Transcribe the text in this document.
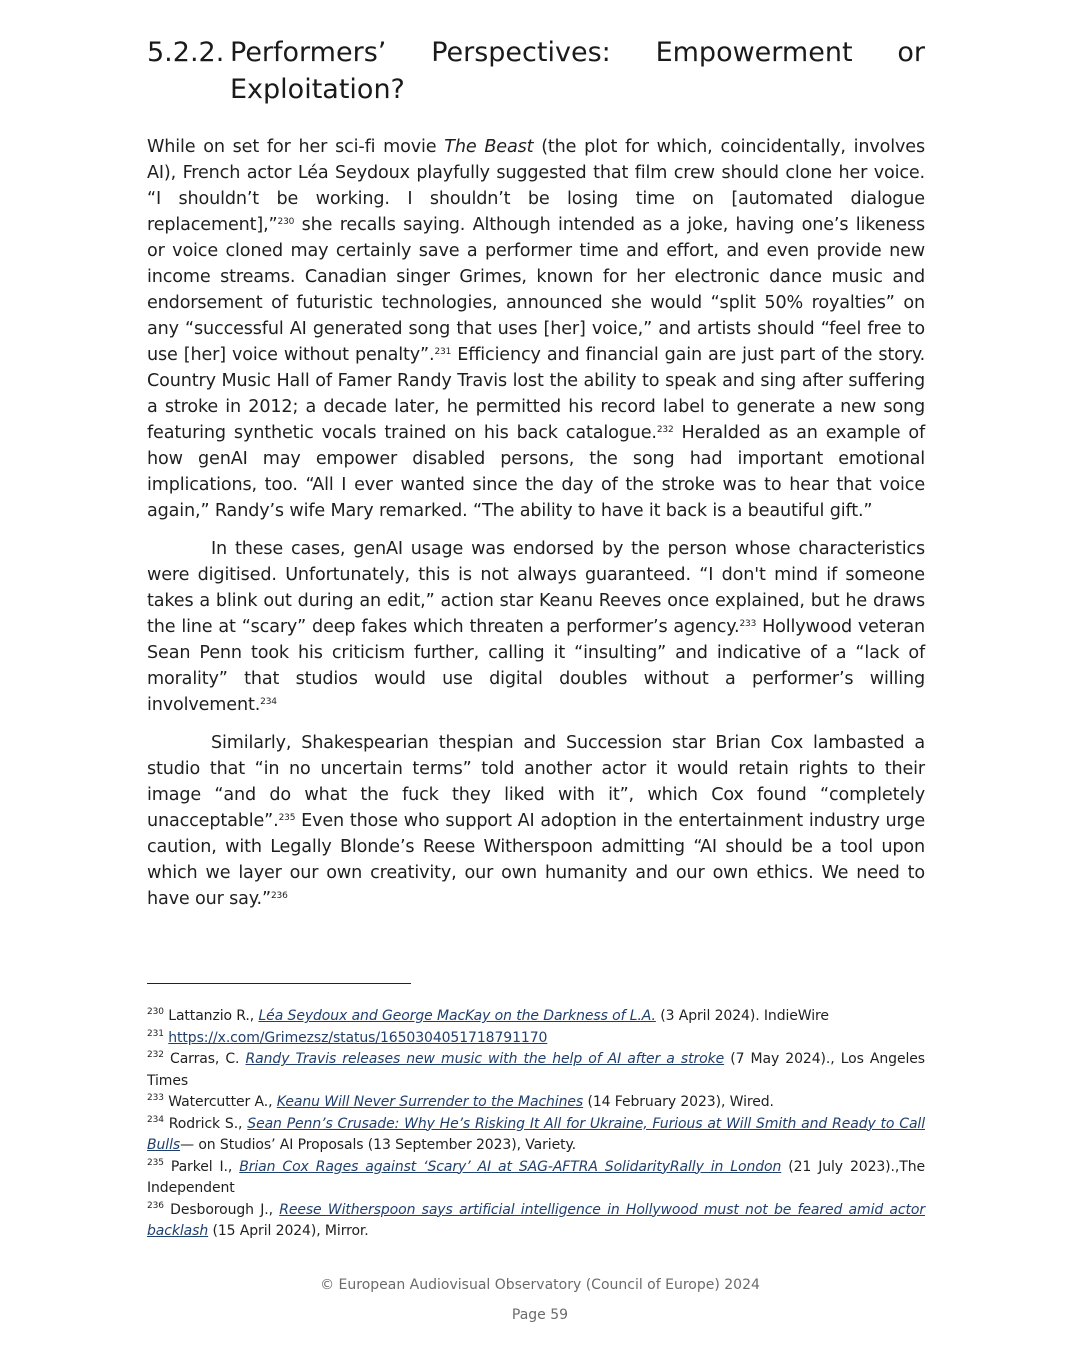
5.2.2. Performers’ Perspectives: Empowerment or
Exploitation?

While on set for her sci-fi movie The Beast (the plot for which, coincidentally, involves AI), French actor Léa Seydoux playfully suggested that film crew should clone her voice. “I shouldn’t be working. I shouldn’t be losing time on [automated dialogue replacement],”$^{230}$ she recalls saying. Although intended as a joke, having one’s likeness or voice cloned may certainly save a performer time and effort, and even provide new income streams. Canadian singer Grimes, known for her electronic dance music and endorsement of futuristic technologies, announced she would “split 50% royalties” on any “successful AI generated song that uses [her] voice,” and artists should “feel free to use [her] voice without penalty”.$^{231}$ Efficiency and financial gain are just part of the story. Country Music Hall of Famer Randy Travis lost the ability to speak and sing after suffering a stroke in 2012; a decade later, he permitted his record label to generate a new song featuring synthetic vocals trained on his back catalogue.$^{232}$ Heralded as an example of how genAI may empower disabled persons, the song had important emotional implications, too. “All I ever wanted since the day of the stroke was to hear that voice again,” Randy’s wife Mary remarked. “The ability to have it back is a beautiful gift.”

In these cases, genAI usage was endorsed by the person whose characteristics were digitised. Unfortunately, this is not always guaranteed. “I don't mind if someone takes a blink out during an edit,” action star Keanu Reeves once explained, but he draws the line at “scary” deep fakes which threaten a performer’s agency.$^{233}$ Hollywood veteran Sean Penn took his criticism further, calling it “insulting” and indicative of a “lack of morality” that studios would use digital doubles without a performer’s willing involvement.$^{234}$

Similarly, Shakespearian thespian and Succession star Brian Cox lambasted a studio that “in no uncertain terms” told another actor it would retain rights to their image “and do what the fuck they liked with it”, which Cox found “completely unacceptable”.$^{235}$ Even those who support AI adoption in the entertainment industry urge caution, with Legally Blonde’s Reese Witherspoon admitting “AI should be a tool upon which we layer our own creativity, our own humanity and our own ethics. We need to have our say.”$^{236}$

$^{230}$ Lattanzio R., Léa Seydoux and George MacKay on the Darkness of L.A. (3 April 2024). IndieWire

$^{231}$ https://x.com/Grimezsz/status/1650304051718791170

$^{232}$ Carras, C. Randy Travis releases new music with the help of AI after a stroke (7 May 2024)., Los Angeles Times

$^{233}$ Watercutter A., Keanu Will Never Surrender to the Machines (14 February 2023), Wired.

$^{234}$ Rodrick S., Sean Penn’s Crusade: Why He’s Risking It All for Ukraine, Furious at Will Smith and Ready to Call Bulls— on Studios’ AI Proposals (13 September 2023), Variety.

$^{235}$ Parkel I., Brian Cox Rages against ‘Scary’ AI at SAG-AFTRA SolidarityRally in London (21 July 2023).,The Independent

$^{236}$ Desborough J., Reese Witherspoon says artificial intelligence in Hollywood must not be feared amid actor backlash (15 April 2024), Mirror.

© European Audiovisual Observatory (Council of Europe) 2024
Page 59
